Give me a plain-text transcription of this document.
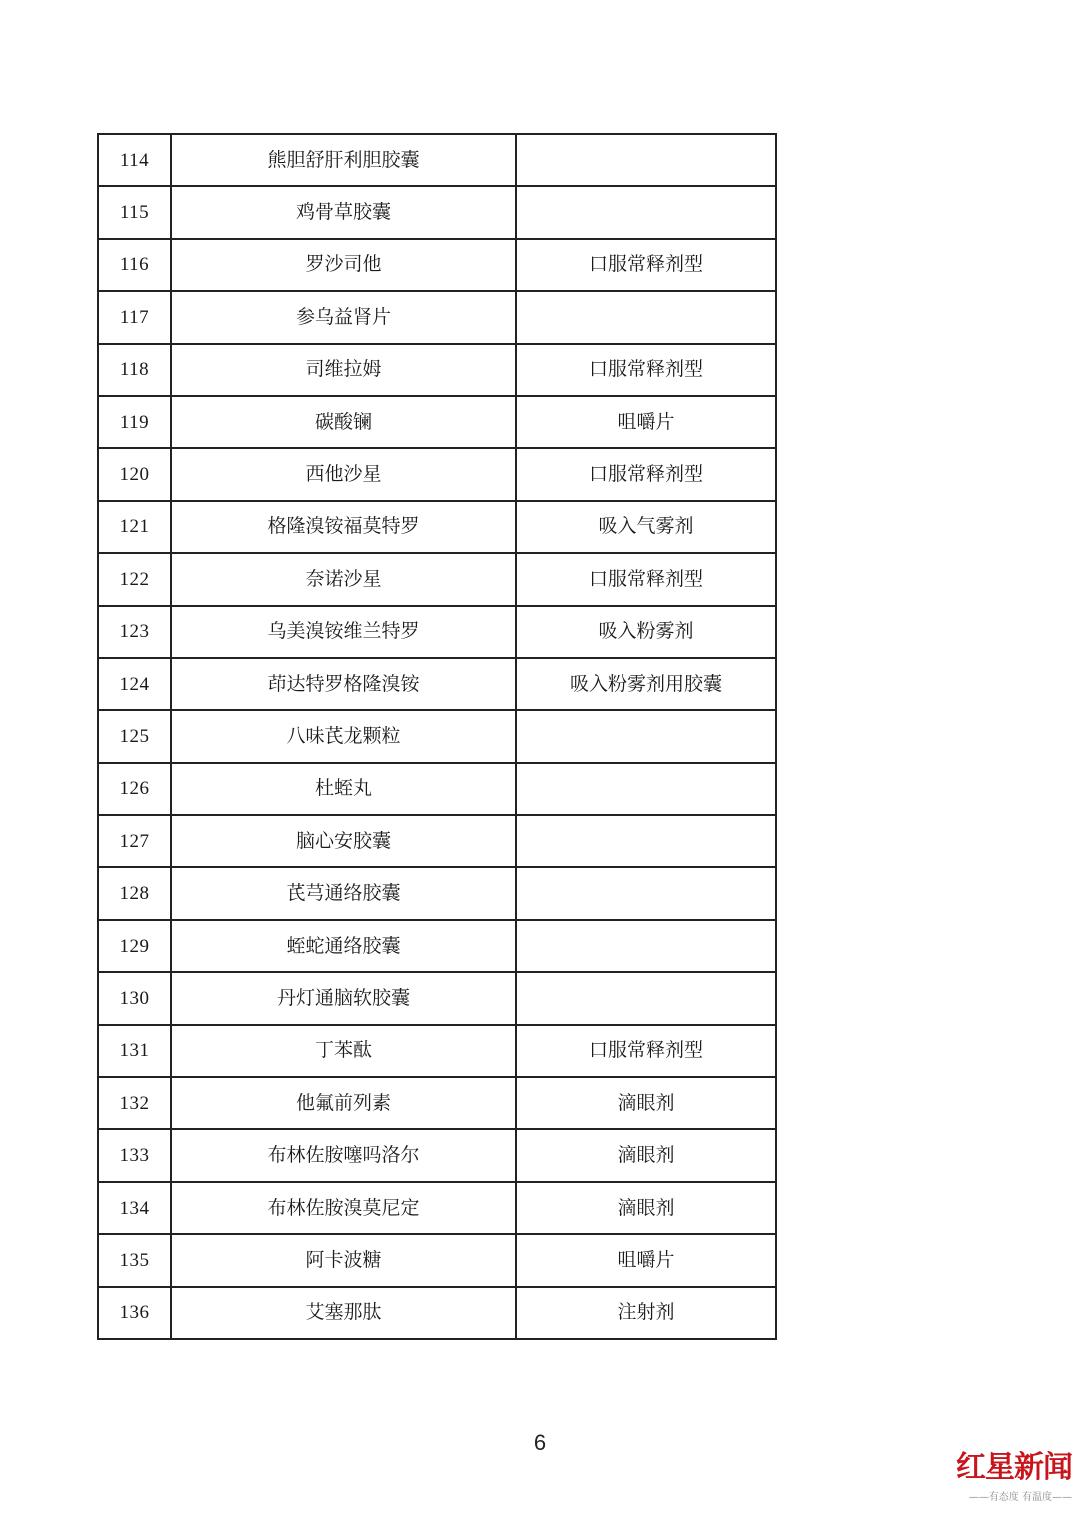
114	熊胆舒肝利胆胶囊	
115	鸡骨草胶囊	
116	罗沙司他	口服常释剂型
117	参乌益肾片	
118	司维拉姆	口服常释剂型
119	碳酸镧	咀嚼片
120	西他沙星	口服常释剂型
121	格隆溴铵福莫特罗	吸入气雾剂
122	奈诺沙星	口服常释剂型
123	乌美溴铵维兰特罗	吸入粉雾剂
124	茚达特罗格隆溴铵	吸入粉雾剂用胶囊
125	八味芪龙颗粒	
126	杜蛭丸	
127	脑心安胶囊	
128	芪芎通络胶囊	
129	蛭蛇通络胶囊	
130	丹灯通脑软胶囊	
131	丁苯酞	口服常释剂型
132	他氟前列素	滴眼剂
133	布林佐胺噻吗洛尔	滴眼剂
134	布林佐胺溴莫尼定	滴眼剂
135	阿卡波糖	咀嚼片
136	艾塞那肽	注射剂
6
红星新闻
——有态度 有温度——
